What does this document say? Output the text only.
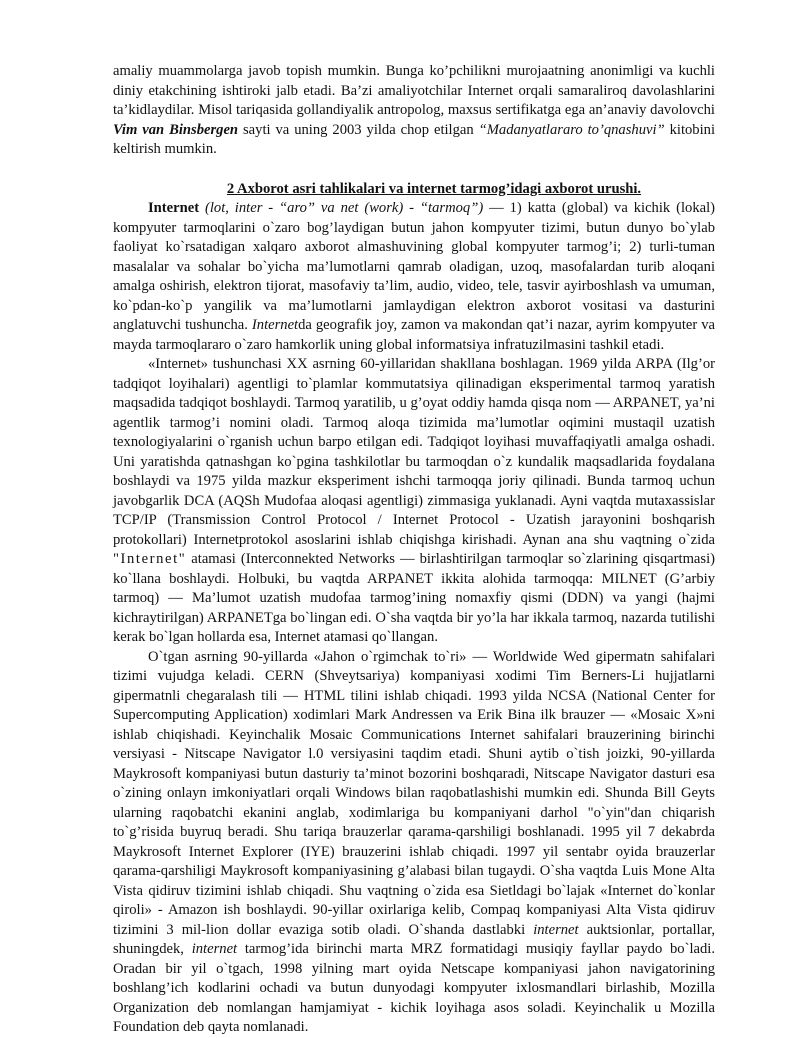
amaliy muammolarga javob topish mumkin. Bunga ko’pchilikni murojaatning anonimligi va kuchli diniy etakchining ishtiroki jalb etadi. Ba’zi amaliyotchilar Internet orqali samaraliroq davolashlarini ta’kidlaydilar. Misol tariqasida gollandiyalik antropolog, maxsus sertifikatga ega an’anaviy davolovchi Vim van Binsbergen sayti va uning 2003 yilda chop etilgan “Madanyatlararo to’qnashuvi” kitobini keltirish mumkin.

2 Axborot asri tahlikalari va internet tarmog’idagi axborot urushi.

Internet (lot, inter - “aro” va net (work) - “tarmoq”) — 1) katta (global) va kichik (lokal) kompyuter tarmoqlarini o`zaro bog’laydigan butun jahon kompyuter tizimi, butun dunyo bo`ylab faoliyat ko`rsatadigan xalqaro axborot almashuvining global kompyuter tarmog’i; 2) turli-tuman masalalar va sohalar bo`yicha ma’lumotlarni qamrab oladigan, uzoq, masofalardan turib aloqani amalga oshirish, elektron tijorat, masofaviy ta’lim, audio, video, tele, tasvir ayirboshlash va umuman, ko`pdan-ko`p yangilik va ma’lumotlarni jamlaydigan elektron axborot vositasi va dasturini anglatuvchi tushuncha. Internetda geografik joy, zamon va makondan qat’i nazar, ayrim kompyuter va mayda tarmoqlararo o`zaro hamkorlik uning global informatsiya infratuzilmasini tashkil etadi.

«Internet» tushunchasi XX asrning 60-yillaridan shakllana boshlagan. 1969 yilda ARPA (Ilg’or tadqiqot loyihalari) agentligi to`plamlar kommutatsiya qilinadigan eksperimental tarmoq yaratish maqsadida tadqiqot boshlaydi. Tarmoq yaratilib, u g’oyat oddiy hamda qisqa nom — ARPANET, ya’ni agentlik tarmog’i nomini oladi. Tarmoq aloqa tizimida ma’lumotlar oqimini mustaqil uzatish texnologiyalarini o`rganish uchun barpo etilgan edi. Tadqiqot loyihasi muvaffaqiyatli amalga oshadi. Uni yaratishda qatnashgan ko`pgina tashkilotlar bu tarmoqdan o`z kundalik maqsadlarida foydalana boshlaydi va 1975 yilda mazkur eksperiment ishchi tarmoqqa joriy qilinadi. Bunda tarmoq uchun javobgarlik DCA (AQSh Mudofaa aloqasi agentligi) zimmasiga yuklanadi. Ayni vaqtda mutaxassislar TCP/IP (Transmission Control Protocol / Internet Protocol - Uzatish jarayonini boshqarish protokollari) Internetprotokol asoslarini ishlab chiqishga kirishadi. Aynan ana shu vaqtning o`zida "Internet" atamasi (Interconnekted Networks — birlashtirilgan tarmoqlar so`zlarining qisqartmasi) ko`llana boshlaydi. Holbuki, bu vaqtda ARPANET ikkita alohida tarmoqqa: MILNET (G’arbiy tarmoq) — Ma’lumot uzatish mudofaa tarmog’ining nomaxfiy qismi (DDN) va yangi (hajmi kichraytirilgan) ARPANETga bo`lingan edi. O`sha vaqtda bir yo’la har ikkala tarmoq, nazarda tutilishi kerak bo`lgan hollarda esa, Internet atamasi qo`llangan.

O`tgan asrning 90-yillarda «Jahon o`rgimchak to`ri» — Worldwide Wed gipermatn sahifalari tizimi vujudga keladi. CERN (Shveytsariya) kompaniyasi xodimi Tim Berners-Li hujjatlarni gipermatnli chegaralash tili — HTML tilini ishlab chiqadi. 1993 yilda NCSA (National Center for Supercomputing Application) xodimlari Mark Andressen va Erik Bina ilk brauzer — «Mosaic X»ni ishlab chiqishadi. Keyinchalik Mosaic Communications Internet sahifalari brauzerining birinchi versiyasi - Nitscape Navigator l.0 versiyasini taqdim etadi. Shuni aytib o`tish joizki, 90-yillarda Maykrosoft kompaniyasi butun dasturiy ta’minot bozorini boshqaradi, Nitscape Navigator dasturi esa o`zining onlayn imkoniyatlari orqali Windows bilan raqobatlashishi mumkin edi. Shunda Bill Geyts ularning raqobatchi ekanini anglab, xodimlariga bu kompaniyani darhol "o`yin"dan chiqarish to`g’risida buyruq beradi. Shu tariqa brauzerlar qarama-qarshiligi boshlanadi. 1995 yil 7 dekabrda Maykrosoft Internet Explorer (IYE) brauzerini ishlab chiqadi. 1997 yil sentabr oyida brauzerlar qarama-qarshiligi Maykrosoft kompaniyasining g’alabasi bilan tugaydi. O`sha vaqtda Luis Mone Alta Vista qidiruv tizimini ishlab chiqadi. Shu vaqtning o`zida esa Sietldagi bo`lajak «Internet do`konlar qiroli» - Amazon ish boshlaydi. 90-yillar oxirlariga kelib, Compaq kompaniyasi Alta Vista qidiruv tizimini 3 mil-lion dollar evaziga sotib oladi. O`shanda dastlabki internet auktsionlar, portallar, shuningdek, internet tarmog’ida birinchi marta MRZ formatidagi musiqiy fayllar paydo bo`ladi. Oradan bir yil o`tgach, 1998 yilning mart oyida Netscape kompaniyasi jahon navigatorining boshlang’ich kodlarini ochadi va butun dunyodagi kompyuter ixlosmandlari birlashib, Mozilla Organization deb nomlangan hamjamiyat - kichik loyihaga asos soladi. Keyinchalik u Mozilla Foundation deb qayta nomlanadi.
